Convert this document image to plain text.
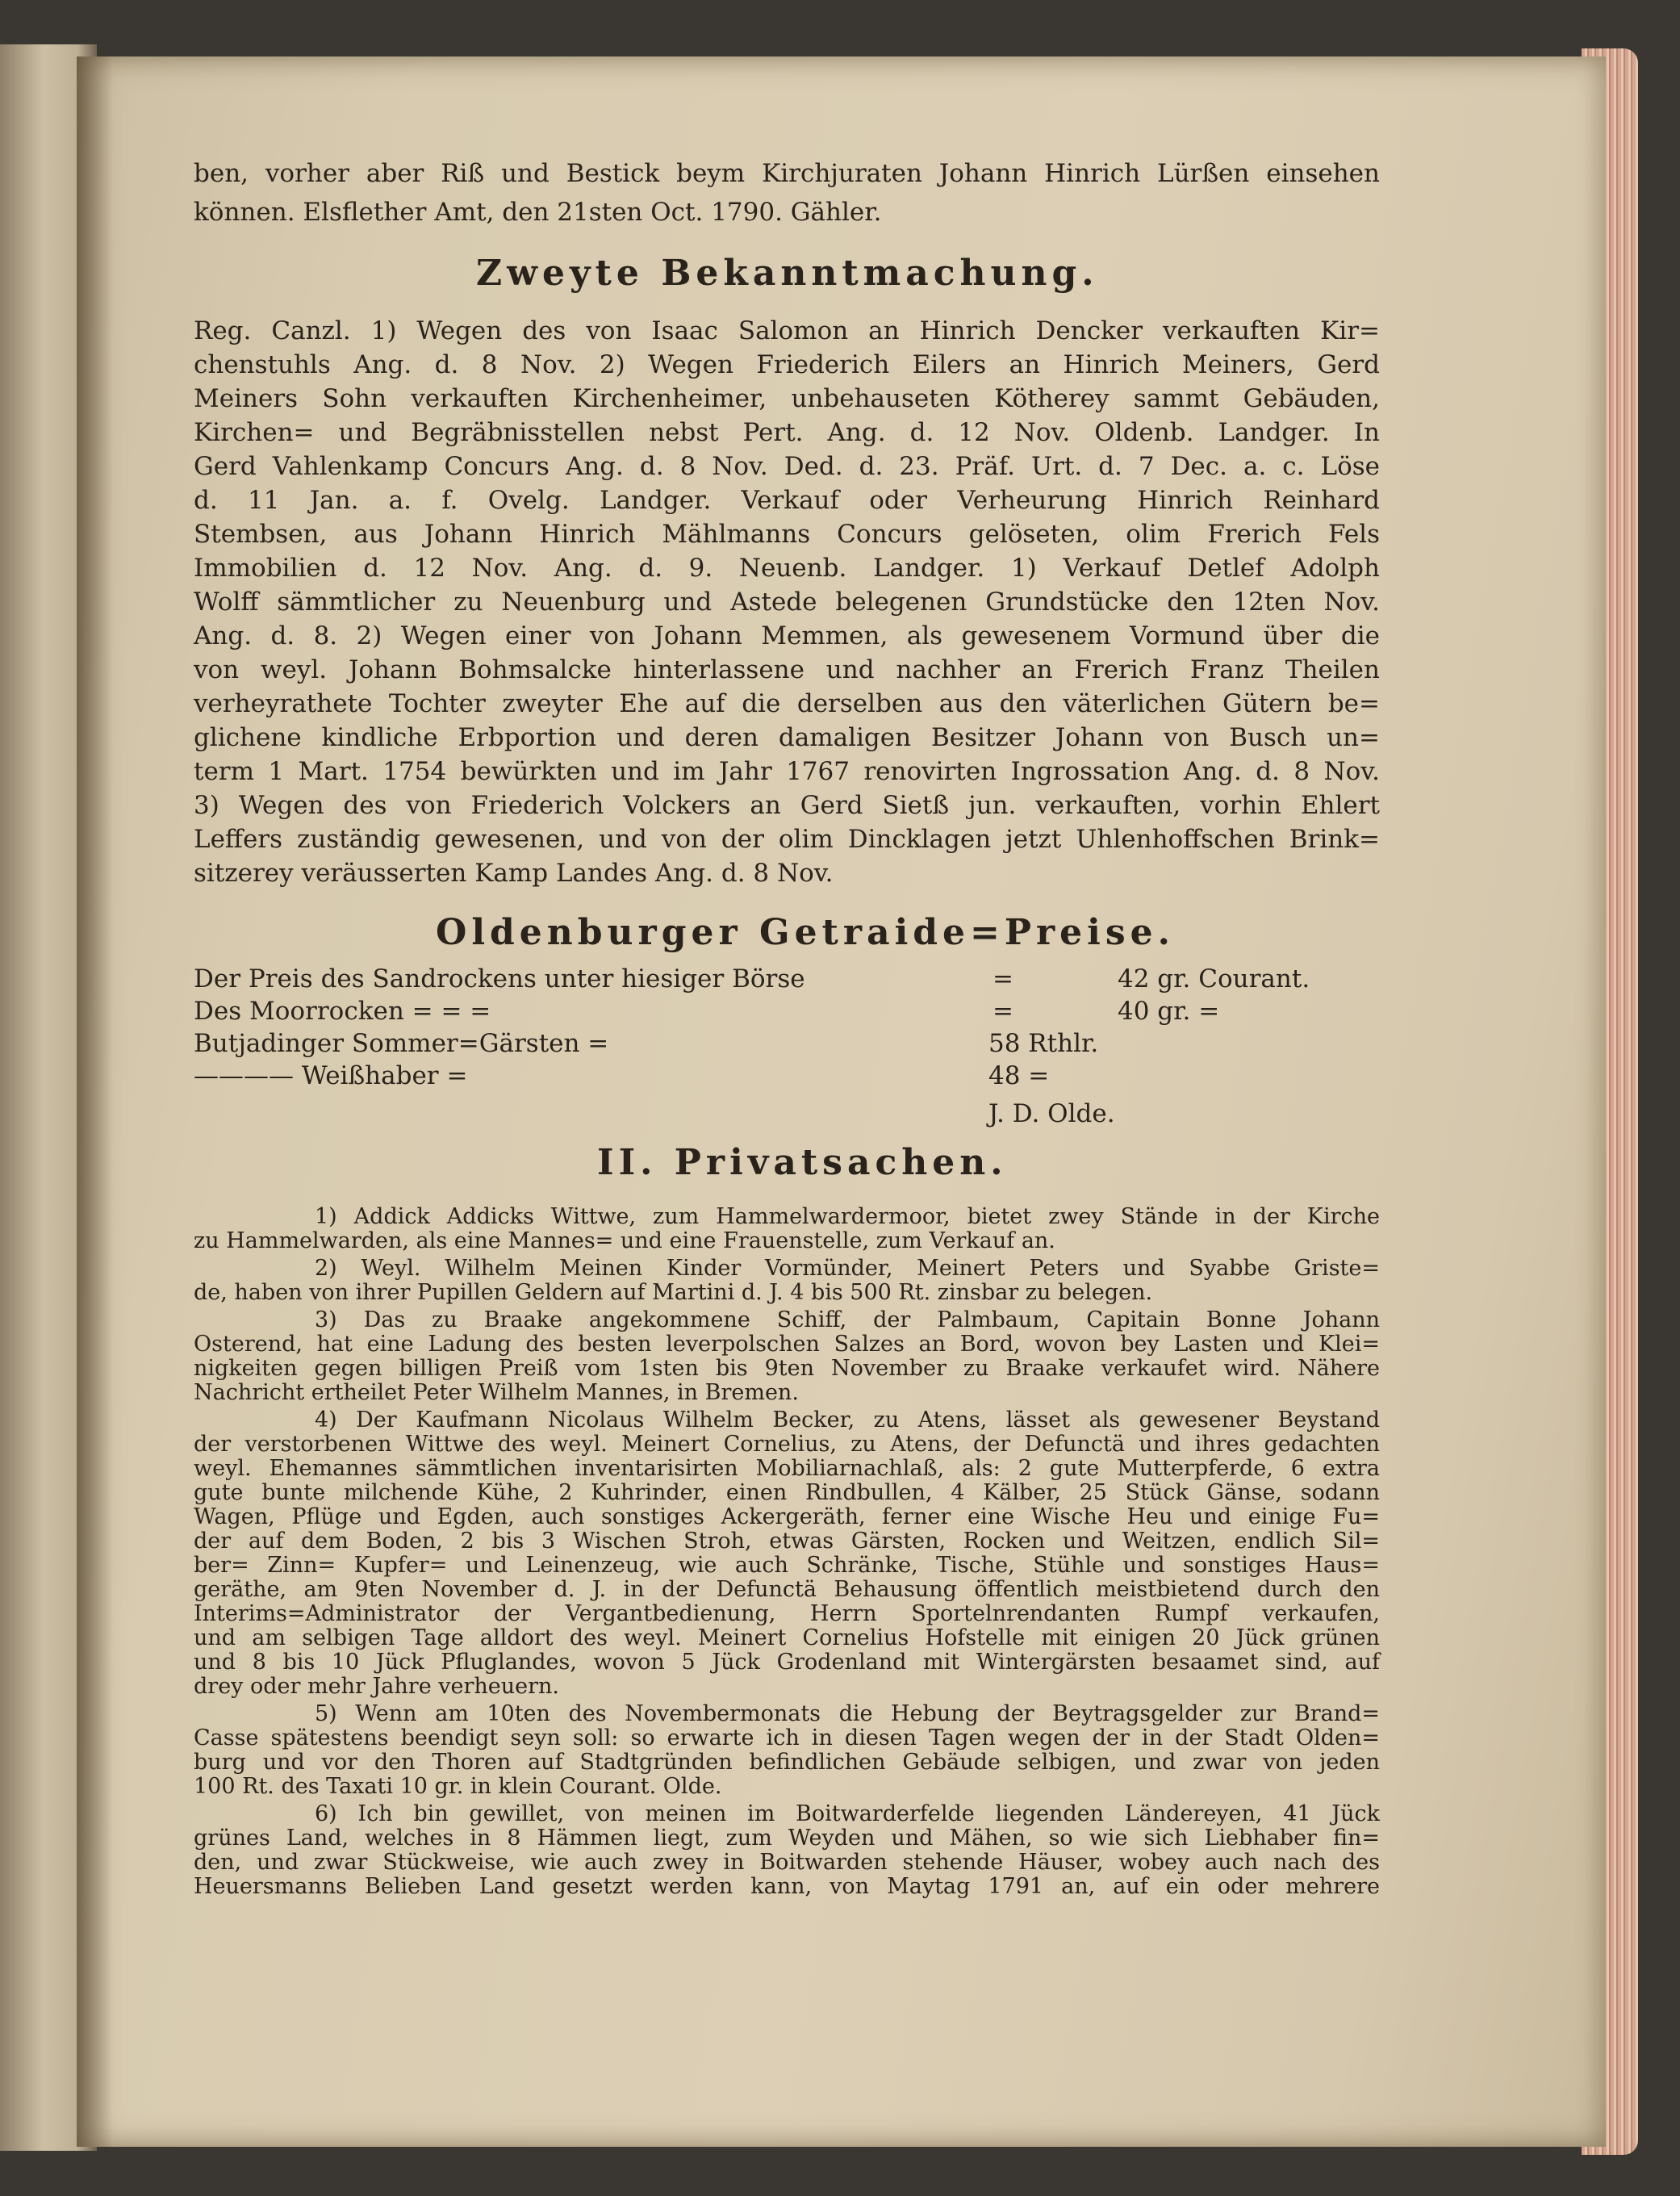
ben, vorher aber Riß und Bestick beym Kirchjuraten Johann Hinrich Lürßen einsehen
können. Elsflether Amt, den 21sten Oct. 1790. Gähler.
Zweyte Bekanntmachung.
Reg. Canzl. 1) Wegen des von Isaac Salomon an Hinrich Dencker verkauften Kir=
chenstuhls Ang. d. 8 Nov. 2) Wegen Friederich Eilers an Hinrich Meiners, Gerd
Meiners Sohn verkauften Kirchenheimer, unbehauseten Kötherey sammt Gebäuden,
Kirchen= und Begräbnisstellen nebst Pert. Ang. d. 12 Nov. Oldenb. Landger. In
Gerd Vahlenkamp Concurs Ang. d. 8 Nov. Ded. d. 23. Präf. Urt. d. 7 Dec. a. c. Löse
d. 11 Jan. a. f. Ovelg. Landger. Verkauf oder Verheurung Hinrich Reinhard
Stembsen, aus Johann Hinrich Mählmanns Concurs gelöseten, olim Frerich Fels
Immobilien d. 12 Nov. Ang. d. 9. Neuenb. Landger. 1) Verkauf Detlef Adolph
Wolff sämmtlicher zu Neuenburg und Astede belegenen Grundstücke den 12ten Nov.
Ang. d. 8. 2) Wegen einer von Johann Memmen, als gewesenem Vormund über die
von weyl. Johann Bohmsalcke hinterlassene und nachher an Frerich Franz Theilen
verheyrathete Tochter zweyter Ehe auf die derselben aus den väterlichen Gütern be=
glichene kindliche Erbportion und deren damaligen Besitzer Johann von Busch un=
term 1 Mart. 1754 bewürkten und im Jahr 1767 renovirten Ingrossation Ang. d. 8 Nov.
3) Wegen des von Friederich Volckers an Gerd Sietß jun. verkauften, vorhin Ehlert
Leffers zuständig gewesenen, und von der olim Dincklagen jetzt Uhlenhoffschen Brink=
sitzerey veräusserten Kamp Landes Ang. d. 8 Nov.
Oldenburger Getraide=Preise.
Der Preis des Sandrockens unter hiesiger Börse	=	42 gr. Courant.
Des Moorrocken = = =	=	40 gr. =
Butjadinger Sommer=Gärsten =	58 Rthlr.
———— Weißhaber =	48 =
J. D. Olde.
II. Privatsachen.
1) Addick Addicks Wittwe, zum Hammelwardermoor, bietet zwey Stände in der Kirche
zu Hammelwarden, als eine Mannes= und eine Frauenstelle, zum Verkauf an.
2) Weyl. Wilhelm Meinen Kinder Vormünder, Meinert Peters und Syabbe Griste=
de, haben von ihrer Pupillen Geldern auf Martini d. J. 4 bis 500 Rt. zinsbar zu belegen.
3) Das zu Braake angekommene Schiff, der Palmbaum, Capitain Bonne Johann
Osterend, hat eine Ladung des besten leverpolschen Salzes an Bord, wovon bey Lasten und Klei=
nigkeiten gegen billigen Preiß vom 1sten bis 9ten November zu Braake verkaufet wird. Nähere
Nachricht ertheilet Peter Wilhelm Mannes, in Bremen.
4) Der Kaufmann Nicolaus Wilhelm Becker, zu Atens, lässet als gewesener Beystand
der verstorbenen Wittwe des weyl. Meinert Cornelius, zu Atens, der Defunctä und ihres gedachten
weyl. Ehemannes sämmtlichen inventarisirten Mobiliarnachlaß, als: 2 gute Mutterpferde, 6 extra
gute bunte milchende Kühe, 2 Kuhrinder, einen Rindbullen, 4 Kälber, 25 Stück Gänse, sodann
Wagen, Pflüge und Egden, auch sonstiges Ackergeräth, ferner eine Wische Heu und einige Fu=
der auf dem Boden, 2 bis 3 Wischen Stroh, etwas Gärsten, Rocken und Weitzen, endlich Sil=
ber= Zinn= Kupfer= und Leinenzeug, wie auch Schränke, Tische, Stühle und sonstiges Haus=
geräthe, am 9ten November d. J. in der Defunctä Behausung öffentlich meistbietend durch den
Interims=Administrator der Vergantbedienung, Herrn Sportelnrendanten Rumpf verkaufen,
und am selbigen Tage alldort des weyl. Meinert Cornelius Hofstelle mit einigen 20 Jück grünen
und 8 bis 10 Jück Pfluglandes, wovon 5 Jück Grodenland mit Wintergärsten besaamet sind, auf
drey oder mehr Jahre verheuern.
5) Wenn am 10ten des Novembermonats die Hebung der Beytragsgelder zur Brand=
Casse spätestens beendigt seyn soll: so erwarte ich in diesen Tagen wegen der in der Stadt Olden=
burg und vor den Thoren auf Stadtgründen befindlichen Gebäude selbigen, und zwar von jeden
100 Rt. des Taxati 10 gr. in klein Courant. Olde.
6) Ich bin gewillet, von meinen im Boitwarderfelde liegenden Ländereyen, 41 Jück
grünes Land, welches in 8 Hämmen liegt, zum Weyden und Mähen, so wie sich Liebhaber fin=
den, und zwar Stückweise, wie auch zwey in Boitwarden stehende Häuser, wobey auch nach des
Heuersmanns Belieben Land gesetzt werden kann, von Maytag 1791 an, auf ein oder mehrere
